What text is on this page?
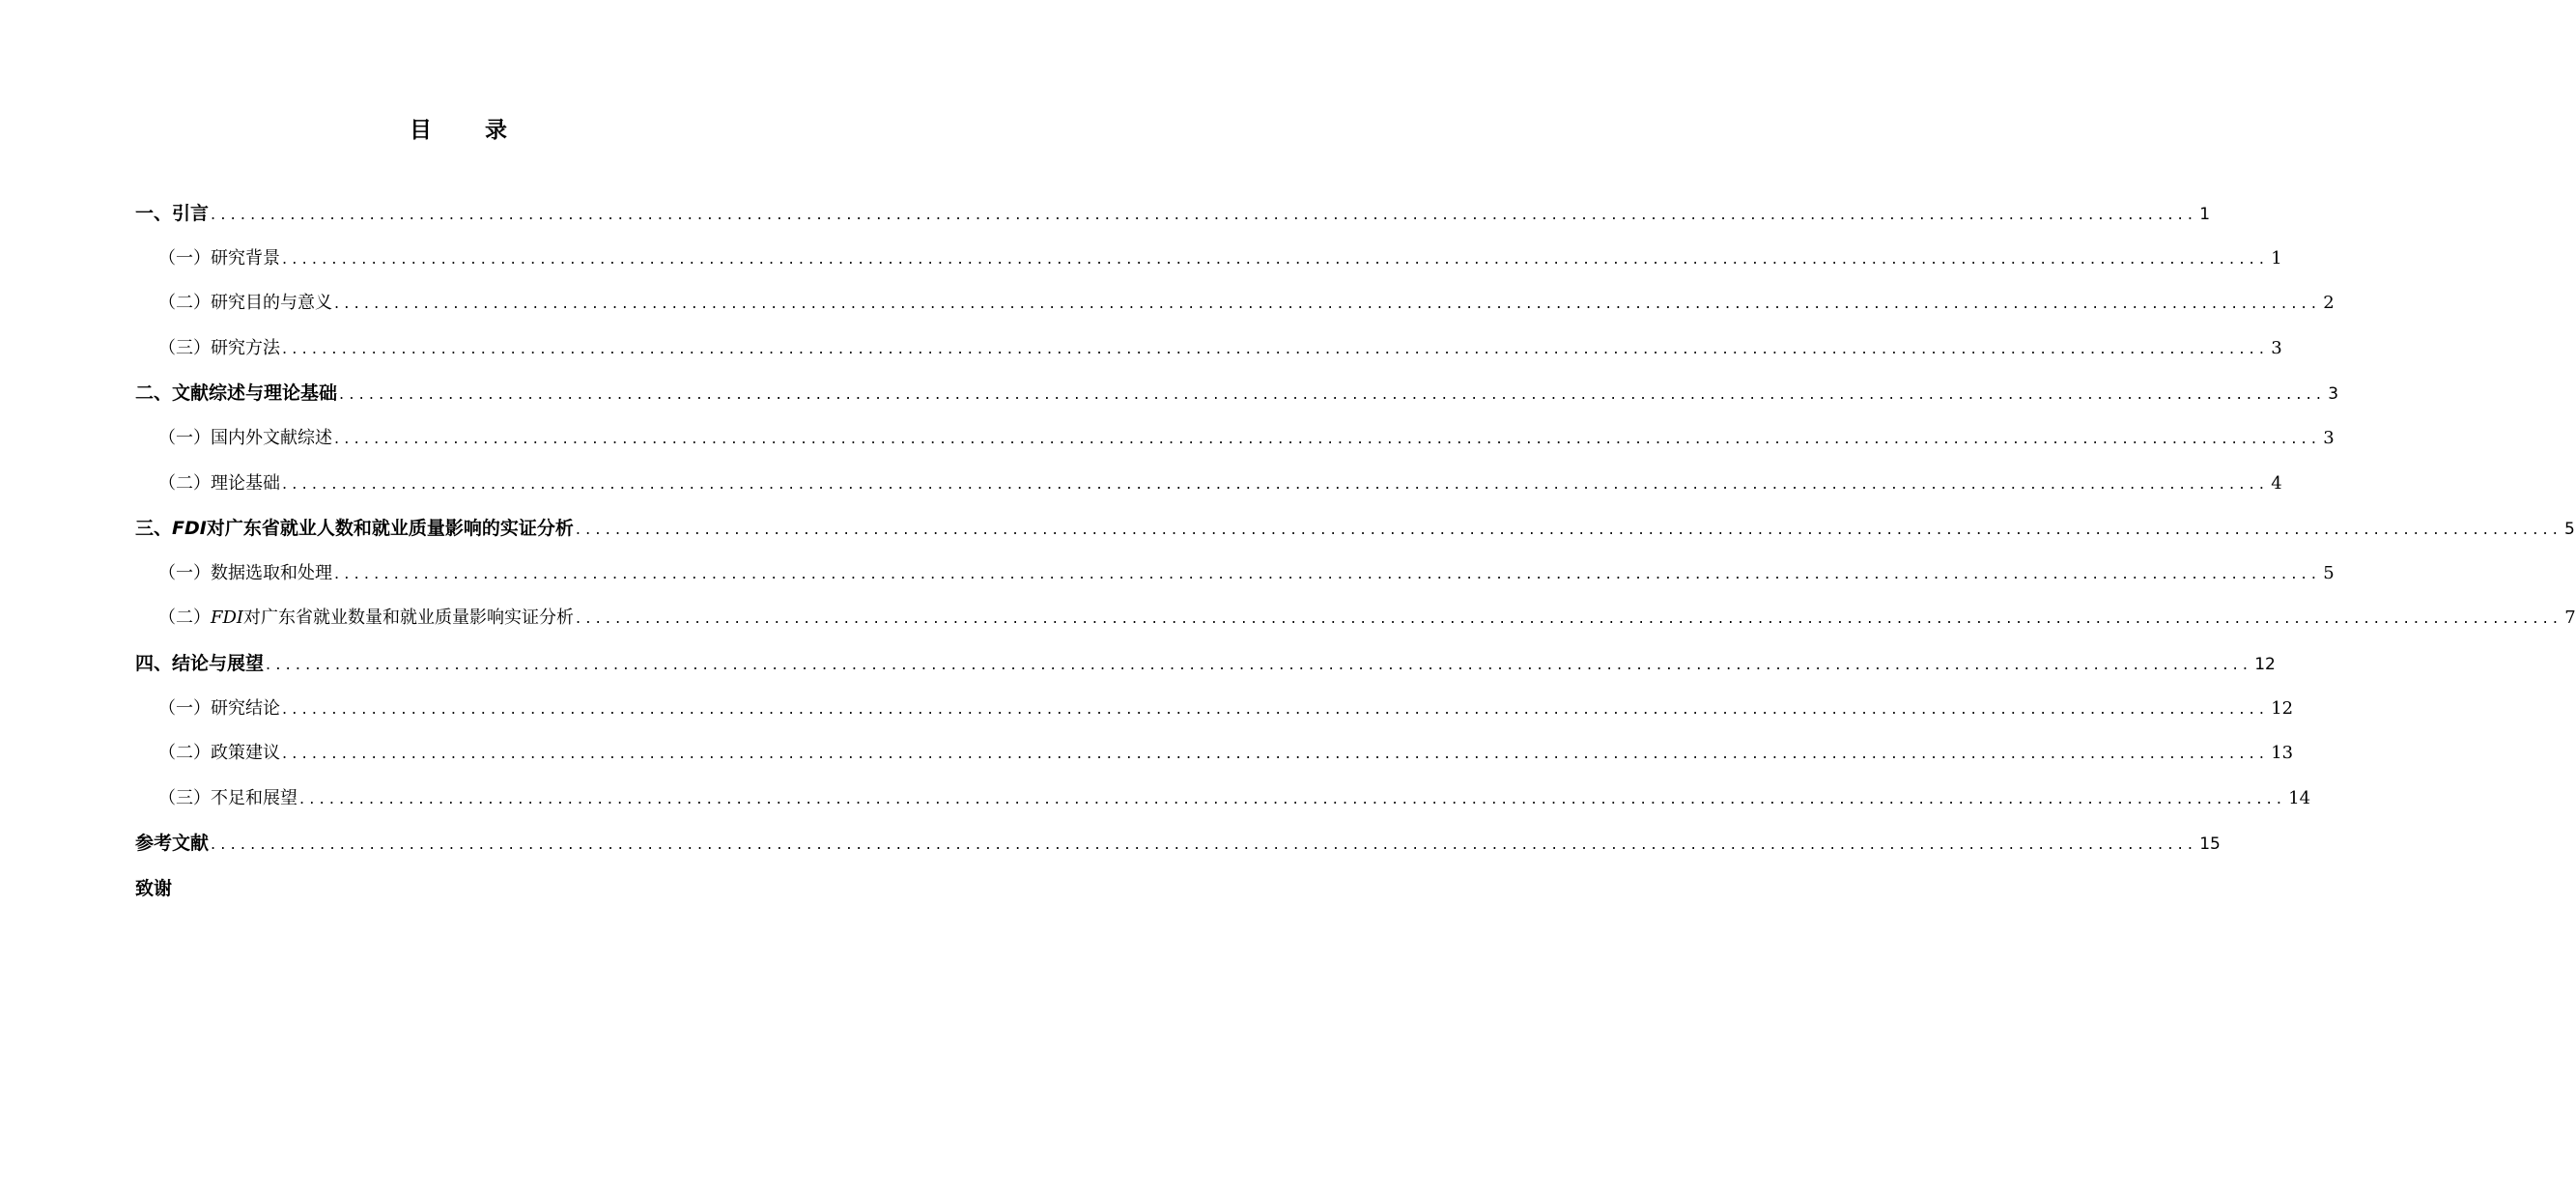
目 录
一、引言 ........................................................................................................................................................................................................ 1
（一）研究背景 ........................................................................................................................................................................................................ 1
（二）研究目的与意义 ........................................................................................................................................................................................................ 2
（三）研究方法 ........................................................................................................................................................................................................ 3
二、文献综述与理论基础 ........................................................................................................................................................................................................ 3
（一）国内外文献综述 ........................................................................................................................................................................................................ 3
（二）理论基础 ........................................................................................................................................................................................................ 4
三、FDI对广东省就业人数和就业质量影响的实证分析 ........................................................................................................................................................................................................ 5
（一）数据选取和处理 ........................................................................................................................................................................................................ 5
（二）FDI对广东省就业数量和就业质量影响实证分析 ........................................................................................................................................................................................................ 7
四、结论与展望 ........................................................................................................................................................................................................ 12
（一）研究结论 ........................................................................................................................................................................................................ 12
（二）政策建议 ........................................................................................................................................................................................................ 13
（三）不足和展望 ........................................................................................................................................................................................................ 14
参考文献 ........................................................................................................................................................................................................ 15
致谢
